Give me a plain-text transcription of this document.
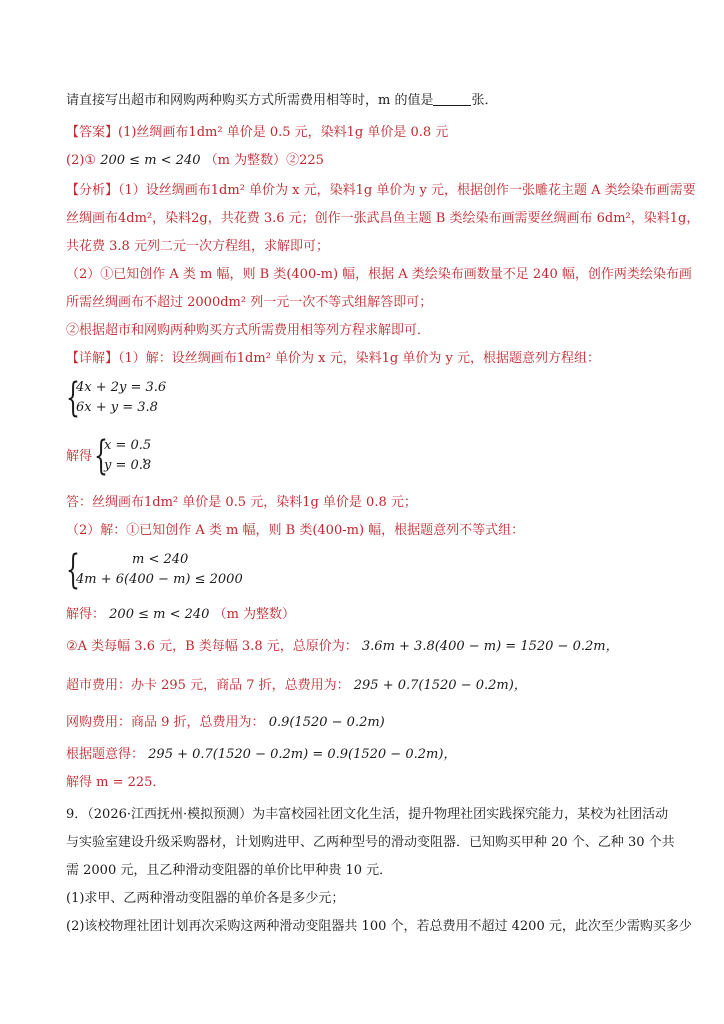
请直接写出超市和网购两种购买方式所需费用相等时，m 的值是	张．
【答案】(1)丝绸画布1dm² 单价是 0.5 元，染料1g 单价是 0.8 元
(2)① 200 ≤ m < 240 （m 为整数）②225
【分析】（1）设丝绸画布1dm² 单价为 x 元，染料1g 单价为 y 元，根据创作一张雕花主题 A 类绘染布画需要
丝绸画布4dm²，染料2g，共花费 3.6 元；创作一张武昌鱼主题 B 类绘染布画需要丝绸画布 6dm²，染料1g，
共花费 3.8 元列二元一次方程组，求解即可；
（2）①已知创作 A 类 m 幅，则 B 类(400-m) 幅，根据 A 类绘染布画数量不足 240 幅，创作两类绘染布画
所需丝绸画布不超过 2000dm² 列一元一次不等式组解答即可；
②根据超市和网购两种购买方式所需费用相等列方程求解即可．
【详解】（1）解：设丝绸画布1dm² 单价为 x 元，染料1g 单价为 y 元，根据题意列方程组：
{
4x + 2y = 3.6
6x + y = 3.8
解得 {
x = 0.5
y = 0.8
，
答：丝绸画布1dm² 单价是 0.5 元，染料1g 单价是 0.8 元；
（2）解：①已知创作 A 类 m 幅，则 B 类(400-m) 幅，根据题意列不等式组：
{	m < 240
4m + 6(400 − m) ≤ 2000
解得： 200 ≤ m < 240 （m 为整数）
②A 类每幅 3.6 元，B 类每幅 3.8 元，总原价为： 3.6m + 3.8(400 − m) = 1520 − 0.2m，
超市费用：办卡 295 元，商品 7 折，总费用为： 295 + 0.7(1520 − 0.2m)，
网购费用：商品 9 折，总费用为： 0.9(1520 − 0.2m)
根据题意得： 295 + 0.7(1520 − 0.2m) = 0.9(1520 − 0.2m)，
解得 m = 225．
9．（2026·江西抚州·模拟预测）为丰富校园社团文化生活，提升物理社团实践探究能力，某校为社团活动
与实验室建设升级采购器材，计划购进甲、乙两种型号的滑动变阻器．已知购买甲种 20 个、乙种 30 个共
需 2000 元，且乙种滑动变阻器的单价比甲种贵 10 元．
(1)求甲、乙两种滑动变阻器的单价各是多少元；
(2)该校物理社团计划再次采购这两种滑动变阻器共 100 个，若总费用不超过 4200 元，此次至少需购买多少
